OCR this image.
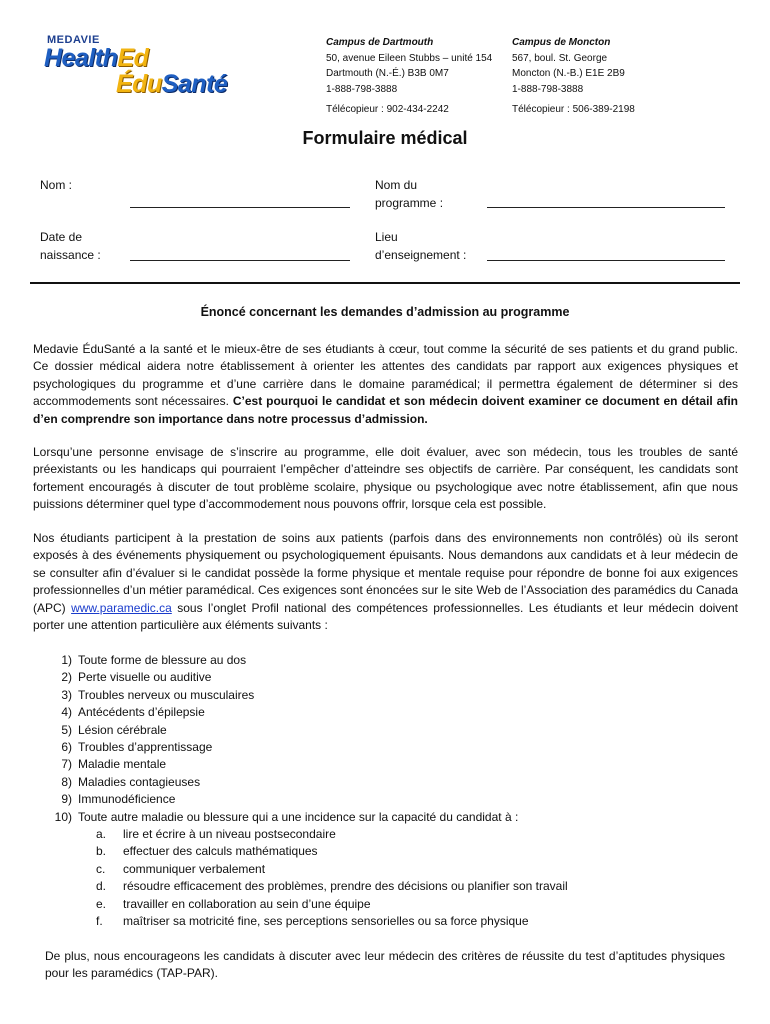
MEDAVIE
HealthEd
ÉduSanté
Campus de Dartmouth
50, avenue Eileen Stubbs – unité 154
Dartmouth (N.-É.) B3B 0M7
1-888-798-3888
Télécopieur : 902-434-2242
Campus de Moncton
567, boul. St. George
Moncton (N.-B.) E1E 2B9
1-888-798-3888
Télécopieur : 506-389-2198
Formulaire médical
Nom :	Nom du
programme :
Date de
naissance :
Lieu
d’enseignement :
Énoncé concernant les demandes d’admission au programme
Medavie ÉduSanté a la santé et le mieux-être de ses étudiants à cœur, tout comme la sécurité de ses patients et du grand public. Ce dossier médical aidera notre établissement à orienter les attentes des candidats par rapport aux exigences physiques et psychologiques du programme et d’une carrière dans le domaine paramédical; il permettra également de déterminer si des accommodements sont nécessaires. C’est pourquoi le candidat et son médecin doivent examiner ce document en détail afin d’en comprendre son importance dans notre processus d’admission.
Lorsqu’une personne envisage de s’inscrire au programme, elle doit évaluer, avec son médecin, tous les troubles de santé préexistants ou les handicaps qui pourraient l’empêcher d’atteindre ses objectifs de carrière. Par conséquent, les candidats sont fortement encouragés à discuter de tout problème scolaire, physique ou psychologique avec notre établissement, afin que nous puissions déterminer quel type d’accommodement nous pouvons offrir, lorsque cela est possible.
Nos étudiants participent à la prestation de soins aux patients (parfois dans des environnements non contrôlés) où ils seront exposés à des événements physiquement ou psychologiquement épuisants. Nous demandons aux candidats et à leur médecin de se consulter afin d’évaluer si le candidat possède la forme physique et mentale requise pour répondre de bonne foi aux exigences professionnelles d’un métier paramédical. Ces exigences sont énoncées sur le site Web de l’Association des paramédics du Canada (APC) www.paramedic.ca sous l’onglet Profil national des compétences professionnelles. Les étudiants et leur médecin doivent porter une attention particulière aux éléments suivants :
1) Toute forme de blessure au dos
2) Perte visuelle ou auditive
3) Troubles nerveux ou musculaires
4) Antécédents d’épilepsie
5) Lésion cérébrale
6) Troubles d’apprentissage
7) Maladie mentale
8) Maladies contagieuses
9) Immunodéficience
10) Toute autre maladie ou blessure qui a une incidence sur la capacité du candidat à :
a. lire et écrire à un niveau postsecondaire
b. effectuer des calculs mathématiques
c. communiquer verbalement
d. résoudre efficacement des problèmes, prendre des décisions ou planifier son travail
e. travailler en collaboration au sein d’une équipe
f. maîtriser sa motricité fine, ses perceptions sensorielles ou sa force physique
De plus, nous encourageons les candidats à discuter avec leur médecin des critères de réussite du test d’aptitudes physiques pour les paramédics (TAP-PAR).
